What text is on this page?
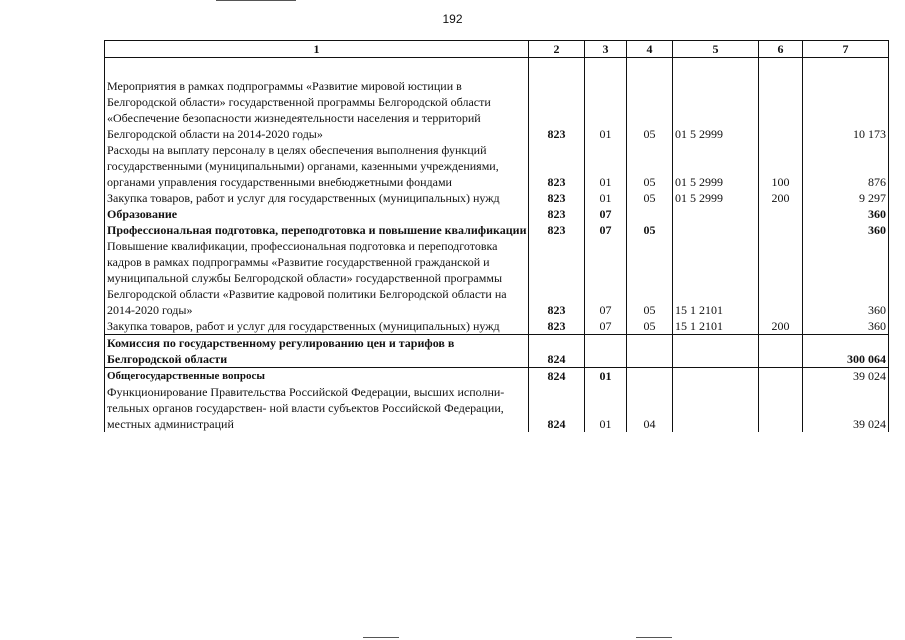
192
1	2	3	4	5	6	7
Мероприятия в рамках подпрограммы «Развитие мировой юстиции в Белгородской области» государственной программы Белгородской области «Обеспечение безопасности жизнедеятельности населения и территорий Белгородской области на 2014-2020 годы»	823	01	05	01 5 2999		10 173
Расходы на выплату персоналу в целях обеспечения выполнения функций государственными (муниципальными) органами, казенными учреждениями, органами управления государственными внебюджетными фондами	823	01	05	01 5 2999	100	876
Закупка товаров, работ и услуг для государственных (муниципальных) нужд	823	01	05	01 5 2999	200	9 297
Образование	823	07				360
Профессиональная подготовка, переподготовка и повышение квалификации	823	07	05			360
Повышение квалификации, профессиональная подготовка и переподготовка кадров в рамках подпрограммы «Развитие государственной гражданской и муниципальной службы Белгородской области» государственной программы Белгородской области «Развитие кадровой политики Белгородской области на 2014-2020 годы»	823	07	05	15 1 2101		360
Закупка товаров, работ и услуг для государственных (муниципальных) нужд	823	07	05	15 1 2101	200	360
Комиссия по государственному регулированию цен и тарифов в Белгородской области	824					300 064
Общегосударственные вопросы	824	01				39 024
Функционирование Правительства Российской Федерации, высших исполни- тельных органов государствен- ной власти субъектов Российской Федерации, местных администраций	824	01	04			39 024
